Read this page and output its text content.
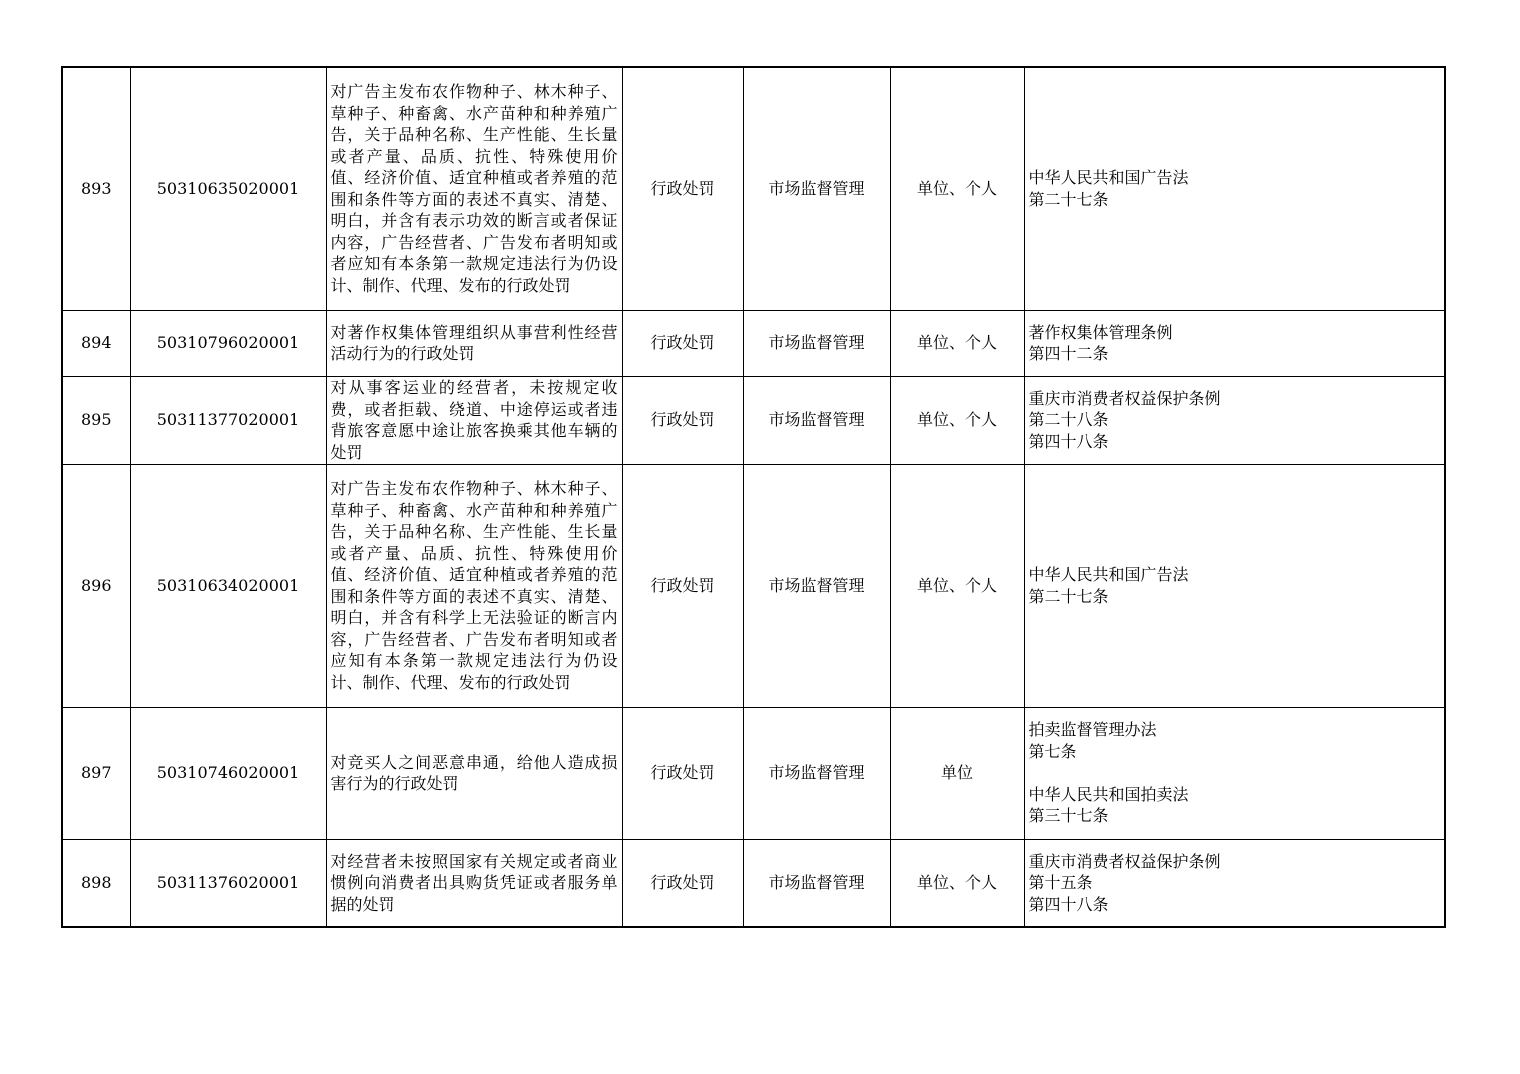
893	50310635020001	对广告主发布农作物种子、林木种子、草种子、种畜禽、水产苗种和种养殖广告，关于品种名称、生产性能、生长量或者产量、品质、抗性、特殊使用价值、经济价值、适宜种植或者养殖的范围和条件等方面的表述不真实、清楚、明白，并含有表示功效的断言或者保证内容，广告经营者、广告发布者明知或者应知有本条第一款规定违法行为仍设计、制作、代理、发布的行政处罚	行政处罚	市场监督管理	单位、个人	中华人民共和国广告法
第二十七条

894	50310796020001	对著作权集体管理组织从事营利性经营活动行为的行政处罚	行政处罚	市场监督管理	单位、个人	著作权集体管理条例
第四十二条

895	50311377020001	对从事客运业的经营者，未按规定收费，或者拒载、绕道、中途停运或者违背旅客意愿中途让旅客换乘其他车辆的处罚	行政处罚	市场监督管理	单位、个人	重庆市消费者权益保护条例
第二十八条
第四十八条

896	50310634020001	对广告主发布农作物种子、林木种子、草种子、种畜禽、水产苗种和种养殖广告，关于品种名称、生产性能、生长量或者产量、品质、抗性、特殊使用价值、经济价值、适宜种植或者养殖的范围和条件等方面的表述不真实、清楚、明白，并含有科学上无法验证的断言内容，广告经营者、广告发布者明知或者应知有本条第一款规定违法行为仍设计、制作、代理、发布的行政处罚	行政处罚	市场监督管理	单位、个人	中华人民共和国广告法
第二十七条

897	50310746020001	对竞买人之间恶意串通，给他人造成损害行为的行政处罚	行政处罚	市场监督管理	单位	拍卖监督管理办法
第七条
中华人民共和国拍卖法
第三十七条

898	50311376020001	对经营者未按照国家有关规定或者商业惯例向消费者出具购货凭证或者服务单据的处罚	行政处罚	市场监督管理	单位、个人	重庆市消费者权益保护条例
第十五条
第四十八条
